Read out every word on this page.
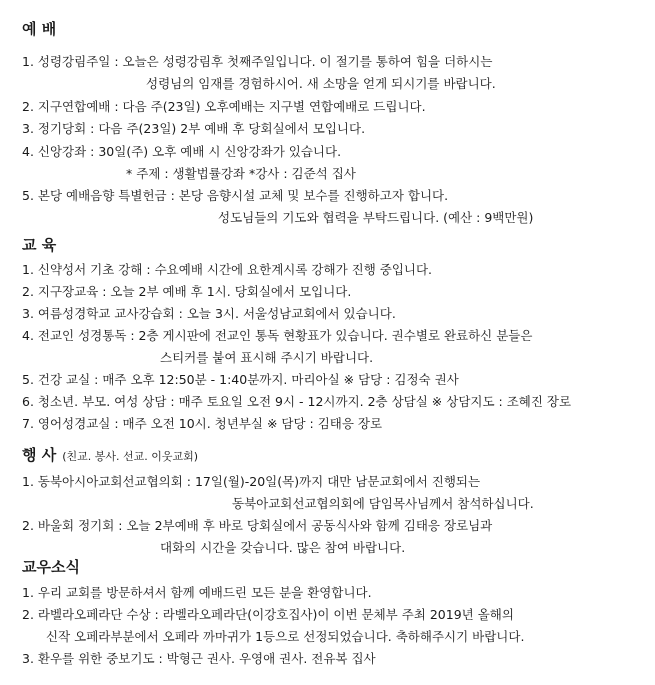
예 배
1. 성령강림주일 : 오늘은 성령강림후 첫째주일입니다. 이 절기를 통하여 힘을 더하시는
성령님의 임재를 경험하시어. 새 소망을 얻게 되시기를 바랍니다.
2. 지구연합예배 : 다음 주(23일) 오후예배는 지구별 연합예배로 드립니다.
3. 정기당회 : 다음 주(23일) 2부 예배 후 당회실에서 모입니다.
4. 신앙강좌 : 30일(주) 오후 예배 시 신앙강좌가 있습니다.
* 주제 : 생활법률강좌 *강사 : 김준석 집사
5. 본당 예배음향 특별헌금 : 본당 음향시설 교체 및 보수를 진행하고자 합니다.
성도님들의 기도와 협력을 부탁드립니다. (예산 : 9백만원)
교 육
1. 신약성서 기초 강해 : 수요예배 시간에 요한계시록 강해가 진행 중입니다.
2. 지구장교육 : 오늘 2부 예배 후 1시. 당회실에서 모입니다.
3. 여름성경학교 교사강습회 : 오늘 3시. 서울성남교회에서 있습니다.
4. 전교인 성경통독 : 2층 게시판에 전교인 통독 현황표가 있습니다. 권수별로 완료하신 분들은
스티커를 붙여 표시해 주시기 바랍니다.
5. 건강 교실 : 매주 오후 12:50분 - 1:40분까지. 마리아실 ※ 담당 : 김정숙 권사
6. 청소년. 부모. 여성 상담 : 매주 토요일 오전 9시 - 12시까지. 2층 상담실 ※ 상담지도 : 조혜진 장로
7. 영어성경교실 : 매주 오전 10시. 청년부실 ※ 담당 : 김태응 장로
행 사 (친교. 봉사. 선교. 이웃교회)
1. 동북아시아교회선교협의회 : 17일(월)-20일(목)까지 대만 남문교회에서 진행되는
동북아교회선교협의회에 담임목사님께서 참석하십니다.
2. 바울회 정기회 : 오늘 2부예배 후 바로 당회실에서 공동식사와 함께 김태응 장로님과
대화의 시간을 갖습니다. 많은 참여 바랍니다.
교우소식
1. 우리 교회를 방문하셔서 함께 예배드린 모든 분을 환영합니다.
2. 라벨라오페라단 수상 : 라벨라오페라단(이강호집사)이 이번 문체부 주최 2019년 올해의
신작 오페라부분에서 오페라 까마귀가 1등으로 선정되었습니다. 축하해주시기 바랍니다.
3. 환우를 위한 중보기도 : 박형근 권사. 우영애 권사. 전유복 집사
